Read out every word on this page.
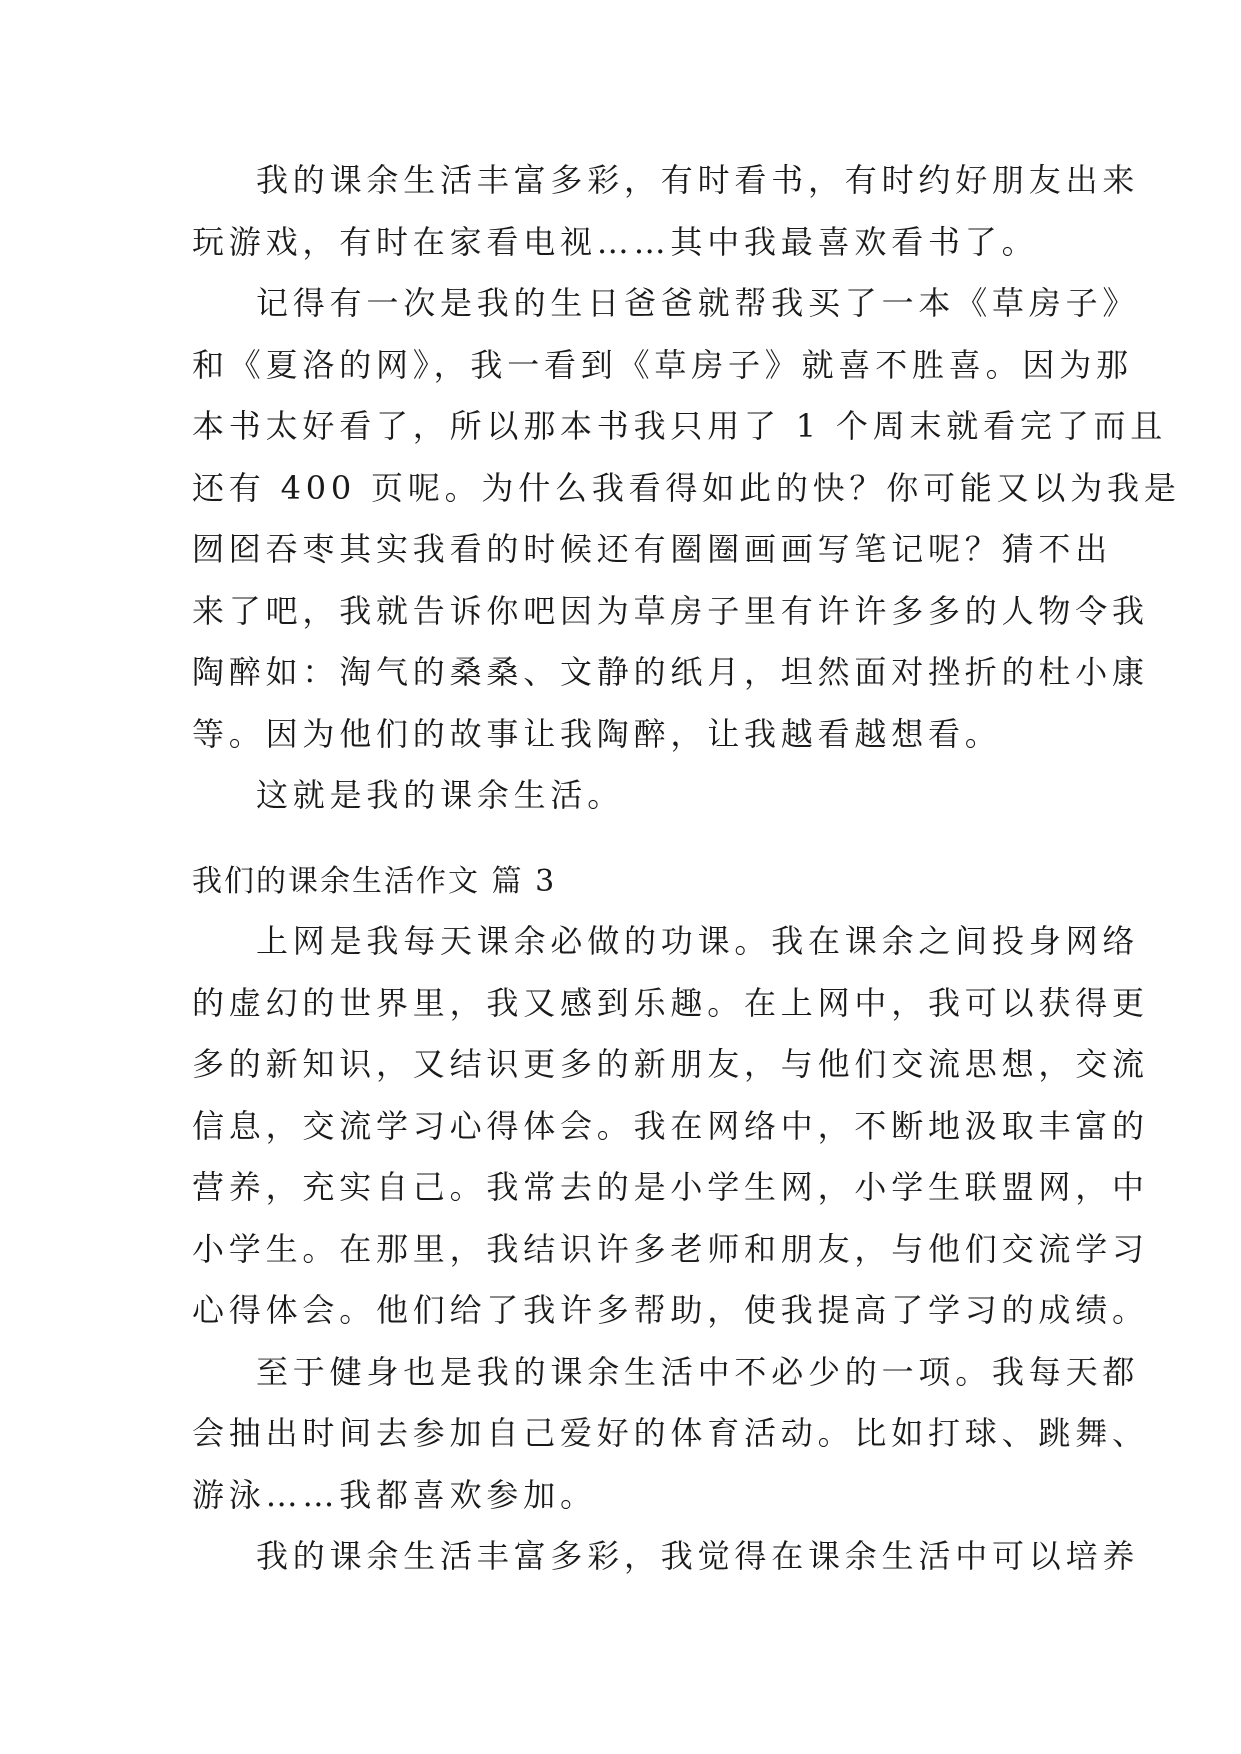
我的课余生活丰富多彩，有时看书，有时约好朋友出来
玩游戏，有时在家看电视……其中我最喜欢看书了。
记得有一次是我的生日爸爸就帮我买了一本《草房子》
和《夏洛的网》，我一看到《草房子》就喜不胜喜。因为那
本书太好看了，所以那本书我只用了 1 个周末就看完了而且
还有 400 页呢。为什么我看得如此的快？你可能又以为我是
囫囵吞枣其实我看的时候还有圈圈画画写笔记呢？猜不出
来了吧，我就告诉你吧因为草房子里有许许多多的人物令我
陶醉如：淘气的桑桑、文静的纸月，坦然面对挫折的杜小康
等。因为他们的故事让我陶醉，让我越看越想看。
这就是我的课余生活。
我们的课余生活作文 篇 3
上网是我每天课余必做的功课。我在课余之间投身网络
的虚幻的世界里，我又感到乐趣。在上网中，我可以获得更
多的新知识，又结识更多的新朋友，与他们交流思想，交流
信息，交流学习心得体会。我在网络中，不断地汲取丰富的
营养，充实自己。我常去的是小学生网，小学生联盟网，中
小学生。在那里，我结识许多老师和朋友，与他们交流学习
心得体会。他们给了我许多帮助，使我提高了学习的成绩。
至于健身也是我的课余生活中不必少的一项。我每天都
会抽出时间去参加自己爱好的体育活动。比如打球、跳舞、
游泳……我都喜欢参加。
我的课余生活丰富多彩，我觉得在课余生活中可以培养
